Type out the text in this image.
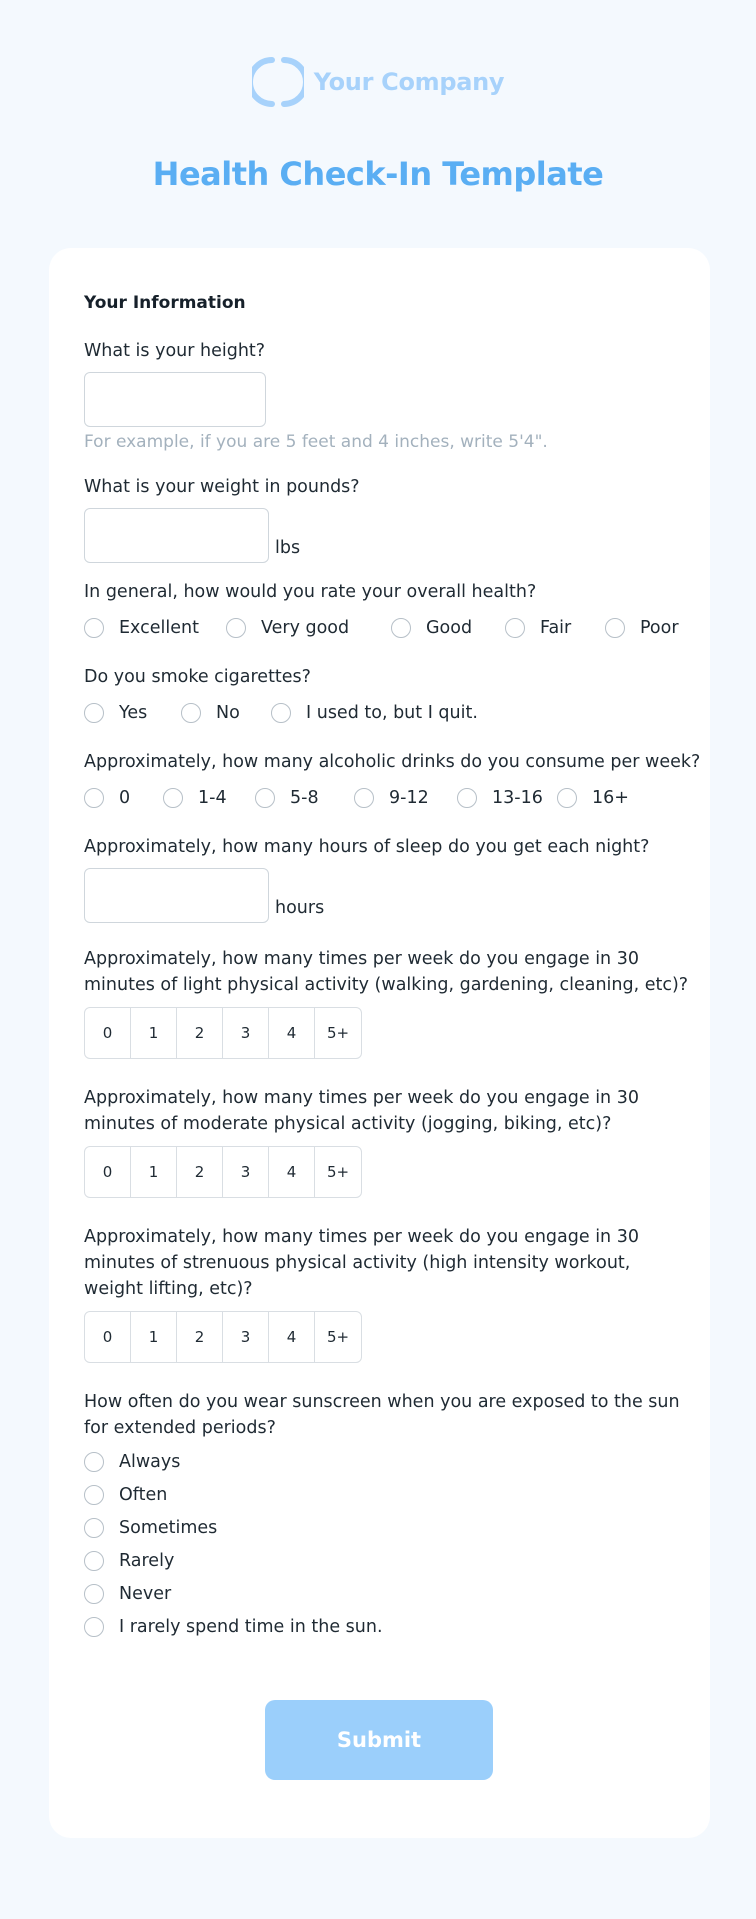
Your Company
Health Check-In Template
Your Information
What is your height?
For example, if you are 5 feet and 4 inches, write 5'4".
What is your weight in pounds?
lbs
In general, how would you rate your overall health?
Excellent	Very good	Good	Fair	Poor
Do you smoke cigarettes?
Yes	No	I used to, but I quit.
Approximately, how many alcoholic drinks do you consume per week?
0	1-4	5-8	9-12	13-16	16+
Approximately, how many hours of sleep do you get each night?
hours
Approximately, how many times per week do you engage in 30
minutes of light physical activity (walking, gardening, cleaning, etc)?
0	1	2	3	4	5+
Approximately, how many times per week do you engage in 30
minutes of moderate physical activity (jogging, biking, etc)?
0	1	2	3	4	5+
Approximately, how many times per week do you engage in 30
minutes of strenuous physical activity (high intensity workout,
weight lifting, etc)?
0	1	2	3	4	5+
How often do you wear sunscreen when you are exposed to the sun
for extended periods?
Always
Often
Sometimes
Rarely
Never
I rarely spend time in the sun.
Submit
